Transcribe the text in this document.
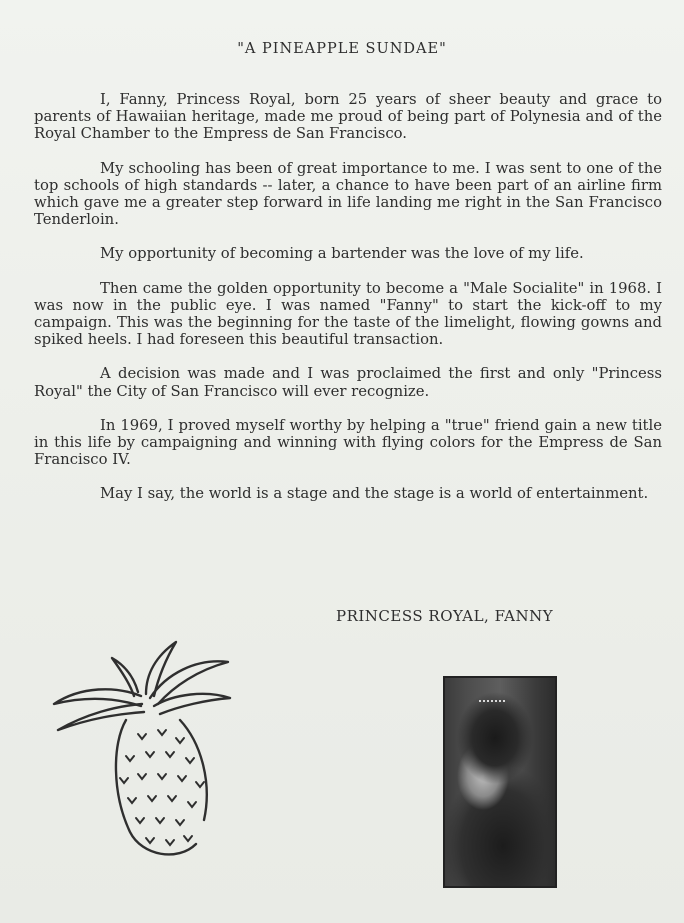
"A PINEAPPLE SUNDAE"

I, Fanny, Princess Royal, born 25 years of sheer beauty and grace to parents of Hawaiian heritage, made me proud of being part of Polynesia and of the Royal Chamber to the Empress de San Francisco.

My schooling has been of great importance to me. I was sent to one of the top schools of high standards -- later, a chance to have been part of an airline firm which gave me a greater step forward in life landing me right in the San Francisco Tenderloin.

My opportunity of becoming a bartender was the love of my life.

Then came the golden opportunity to become a "Male Socialite" in 1968. I was now in the public eye. I was named "Fanny" to start the kick-off to my campaign. This was the beginning for the taste of the limelight, flowing gowns and spiked heels. I had foreseen this beautiful transaction.

A decision was made and I was proclaimed the first and only "Princess Royal" the City of San Francisco will ever recognize.

In 1969, I proved myself worthy by helping a "true" friend gain a new title in this life by campaigning and winning with flying colors for the Empress de San Francisco IV.

May I say, the world is a stage and the stage is a world of entertainment.

PRINCESS ROYAL, FANNY
